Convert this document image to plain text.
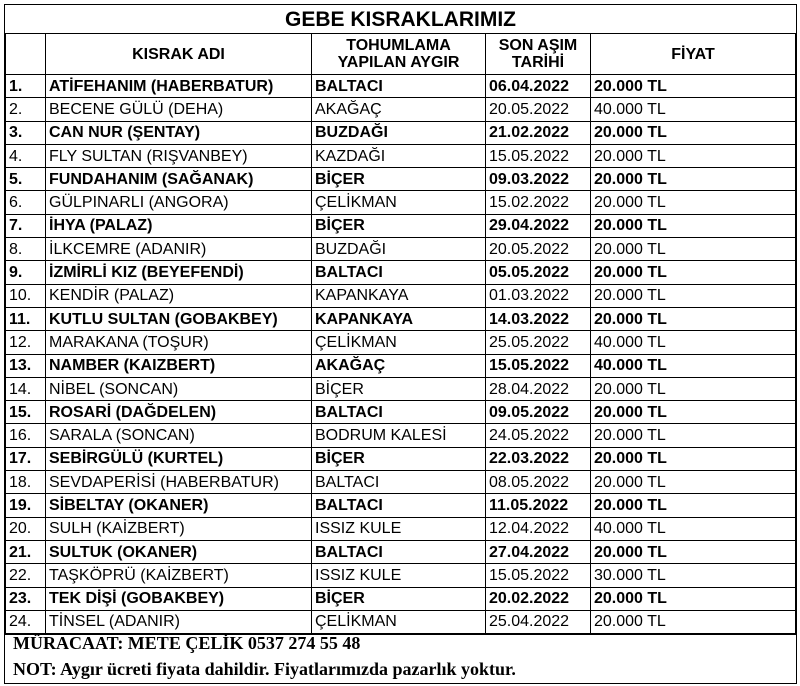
GEBE KISRAKLARIMIZ				
	KISRAK ADI	TOHUMLAMA YAPILAN AYGIR	SON AŞIM TARİHİ	FİYAT
1.	ATİFEHANIM (HABERBATUR)	BALTACI	06.04.2022	20.000 TL
2.	BECENE GÜLÜ (DEHA)	AKAĞAÇ	20.05.2022	40.000 TL
3.	CAN NUR (ŞENTAY)	BUZDAĞI	21.02.2022	20.000 TL
4.	FLY SULTAN (RIŞVANBEY)	KAZDAĞI	15.05.2022	20.000 TL
5.	FUNDAHANIM (SAĞANAK)	BİÇER	09.03.2022	20.000 TL
6.	GÜLPINARLI (ANGORA)	ÇELİKMAN	15.02.2022	20.000 TL
7.	İHYA (PALAZ)	BİÇER	29.04.2022	20.000 TL
8.	İLKCEMRE (ADANIR)	BUZDAĞI	20.05.2022	20.000 TL
9.	İZMİRLİ KIZ (BEYEFENDİ)	BALTACI	05.05.2022	20.000 TL
10.	KENDİR (PALAZ)	KAPANKAYA	01.03.2022	20.000 TL
11.	KUTLU SULTAN (GOBAKBEY)	KAPANKAYA	14.03.2022	20.000 TL
12.	MARAKANA (TOŞUR)	ÇELİKMAN	25.05.2022	40.000 TL
13.	NAMBER (KAIZBERT)	AKAĞAÇ	15.05.2022	40.000 TL
14.	NİBEL (SONCAN)	BİÇER	28.04.2022	20.000 TL
15.	ROSARİ (DAĞDELEN)	BALTACI	09.05.2022	20.000 TL
16.	SARALA (SONCAN)	BODRUM KALESİ	24.05.2022	20.000 TL
17.	SEBİRGÜLÜ (KURTEL)	BİÇER	22.03.2022	20.000 TL
18.	SEVDAPERİSİ (HABERBATUR)	BALTACI	08.05.2022	20.000 TL
19.	SİBELTAY (OKANER)	BALTACI	11.05.2022	20.000 TL
20.	SULH (KAİZBERT)	ISSIZ KULE	12.04.2022	40.000 TL
21.	SULTUK (OKANER)	BALTACI	27.04.2022	20.000 TL
22.	TAŞKÖPRÜ (KAİZBERT)	ISSIZ KULE	15.05.2022	30.000 TL
23.	TEK DİŞİ (GOBAKBEY)	BİÇER	20.02.2022	20.000 TL
24.	TİNSEL (ADANIR)	ÇELİKMAN	25.04.2022	20.000 TL
MÜRACAAT: METE ÇELİK 0537 274 55 48
NOT: Aygır ücreti fiyata dahildir. Fiyatlarımızda pazarlık yoktur.
